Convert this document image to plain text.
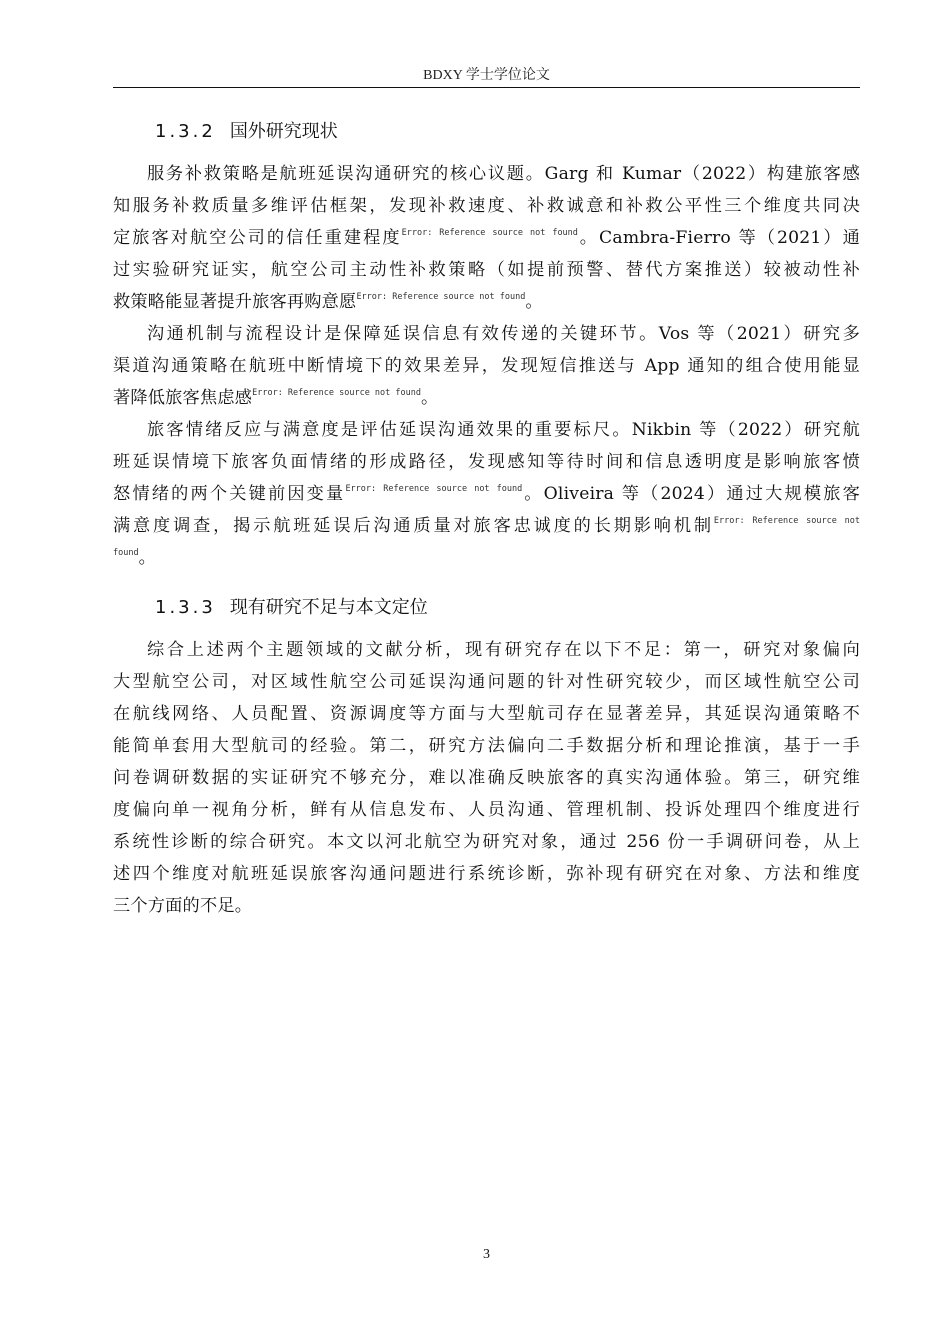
BDXY 学士学位论文
1.3.2 国外研究现状
服务补救策略是航班延误沟通研究的核心议题。Garg 和 Kumar（2022）构建旅客感
知服务补救质量多维评估框架，发现补救速度、补救诚意和补救公平性三个维度共同决
定旅客对航空公司的信任重建程度$^{Error: Reference source not found}$。Cambra-Fierro 等（2021）通
过实验研究证实，航空公司主动性补救策略（如提前预警、替代方案推送）较被动性补
救策略能显著提升旅客再购意愿$^{Error: Reference source not found}$。
沟通机制与流程设计是保障延误信息有效传递的关键环节。Vos 等（2021）研究多
渠道沟通策略在航班中断情境下的效果差异，发现短信推送与 App 通知的组合使用能显
著降低旅客焦虑感$^{Error: Reference source not found}$。
旅客情绪反应与满意度是评估延误沟通效果的重要标尺。Nikbin 等（2022）研究航
班延误情境下旅客负面情绪的形成路径，发现感知等待时间和信息透明度是影响旅客愤
怒情绪的两个关键前因变量$^{Error: Reference source not found}$。Oliveira 等（2024）通过大规模旅客
满意度调查，揭示航班延误后沟通质量对旅客忠诚度的长期影响机制$^{Error: Reference source not}$
$^{found}$。
1.3.3 现有研究不足与本文定位
综合上述两个主题领域的文献分析，现有研究存在以下不足：第一，研究对象偏向
大型航空公司，对区域性航空公司延误沟通问题的针对性研究较少，而区域性航空公司
在航线网络、人员配置、资源调度等方面与大型航司存在显著差异，其延误沟通策略不
能简单套用大型航司的经验。第二，研究方法偏向二手数据分析和理论推演，基于一手
问卷调研数据的实证研究不够充分，难以准确反映旅客的真实沟通体验。第三，研究维
度偏向单一视角分析，鲜有从信息发布、人员沟通、管理机制、投诉处理四个维度进行
系统性诊断的综合研究。本文以河北航空为研究对象，通过 256 份一手调研问卷，从上
述四个维度对航班延误旅客沟通问题进行系统诊断，弥补现有研究在对象、方法和维度
三个方面的不足。
3
